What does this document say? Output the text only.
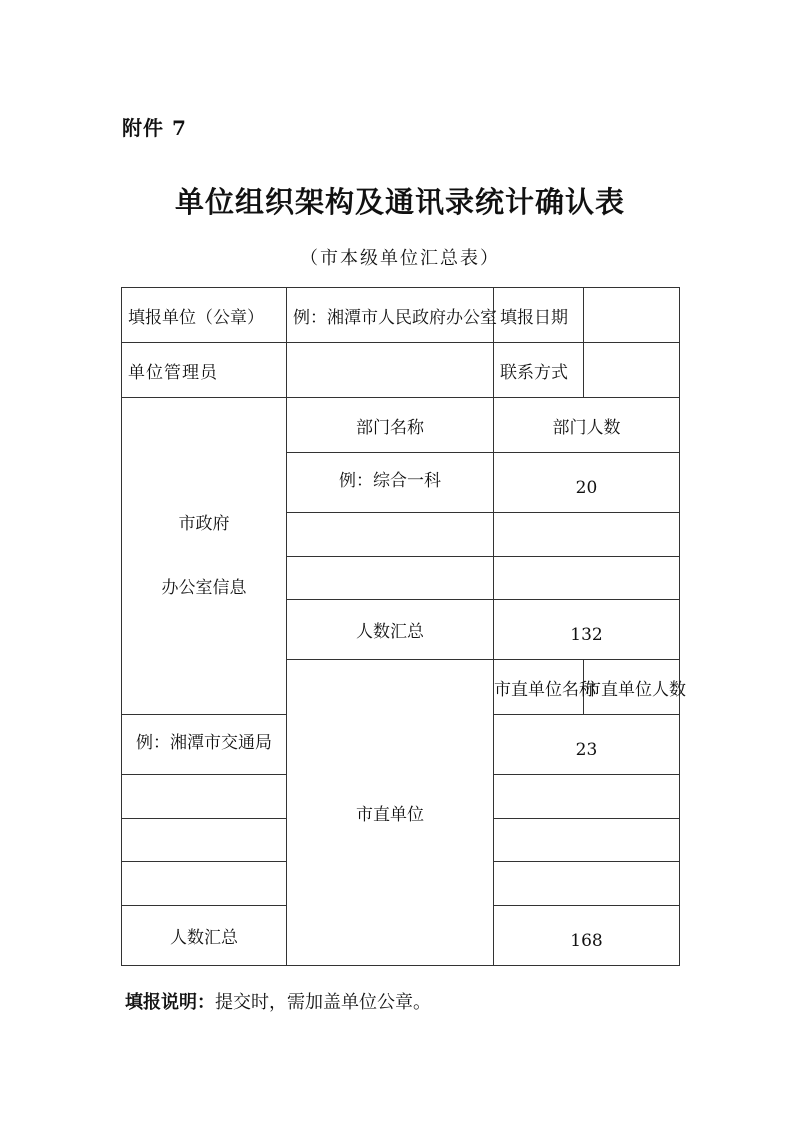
附件 7
单位组织架构及通讯录统计确认表
（市本级单位汇总表）
填报单位（公章）	例：湘潭市人民政府办公室	填报日期	
单位管理员		联系方式	

市政府
办公室信息	部门名称	部门人数	
	例：综合一科	20	

	人数汇总	132	
	市直单位	市直单位名称	市直单位人数
例：湘潭市交通局		23	

人数汇总		168	
填报说明：提交时，需加盖单位公章。
